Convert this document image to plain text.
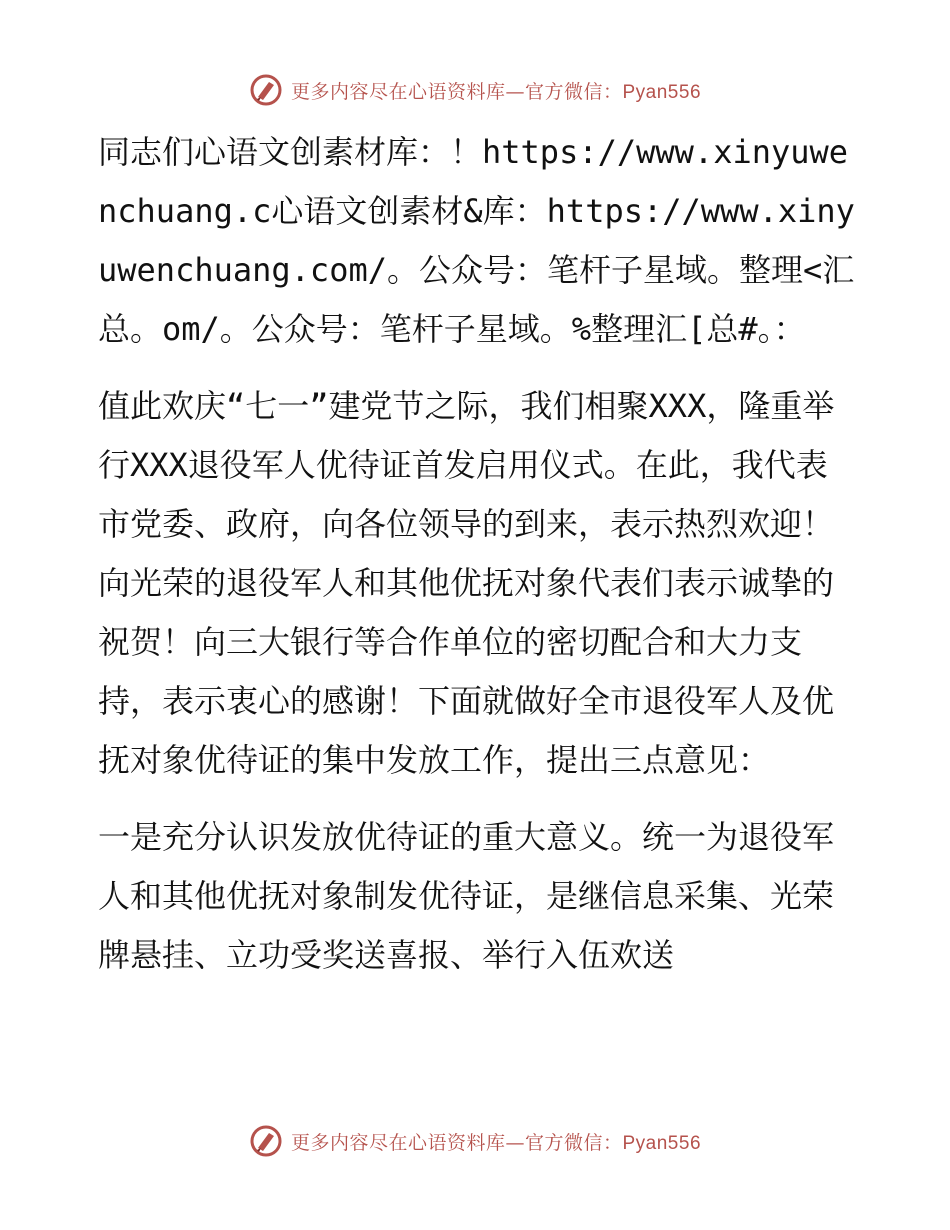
更多内容尽在心语资料库—官方微信：Pyan556

同志们心语文创素材库：！https://www.xinyuwenchuang.c心语文创素材&库：https://www.xinyuwenchuang.com/。公众号：笔杆子星域。整理<汇总。om/。公众号：笔杆子星域。%整理汇[总#。：

值此欢庆“七一”建党节之际，我们相聚XXX，隆重举行XXX退役军人优待证首发启用仪式。在此，我代表市党委、政府，向各位领导的到来，表示热烈欢迎！向光荣的退役军人和其他优抚对象代表们表示诚挚的祝贺！向三大银行等合作单位的密切配合和大力支持，表示衷心的感谢！下面就做好全市退役军人及优抚对象优待证的集中发放工作，提出三点意见：

一是充分认识发放优待证的重大意义。统一为退役军人和其他优抚对象制发优待证，是继信息采集、光荣牌悬挂、立功受奖送喜报、举行入伍欢送

更多内容尽在心语资料库—官方微信：Pyan556
